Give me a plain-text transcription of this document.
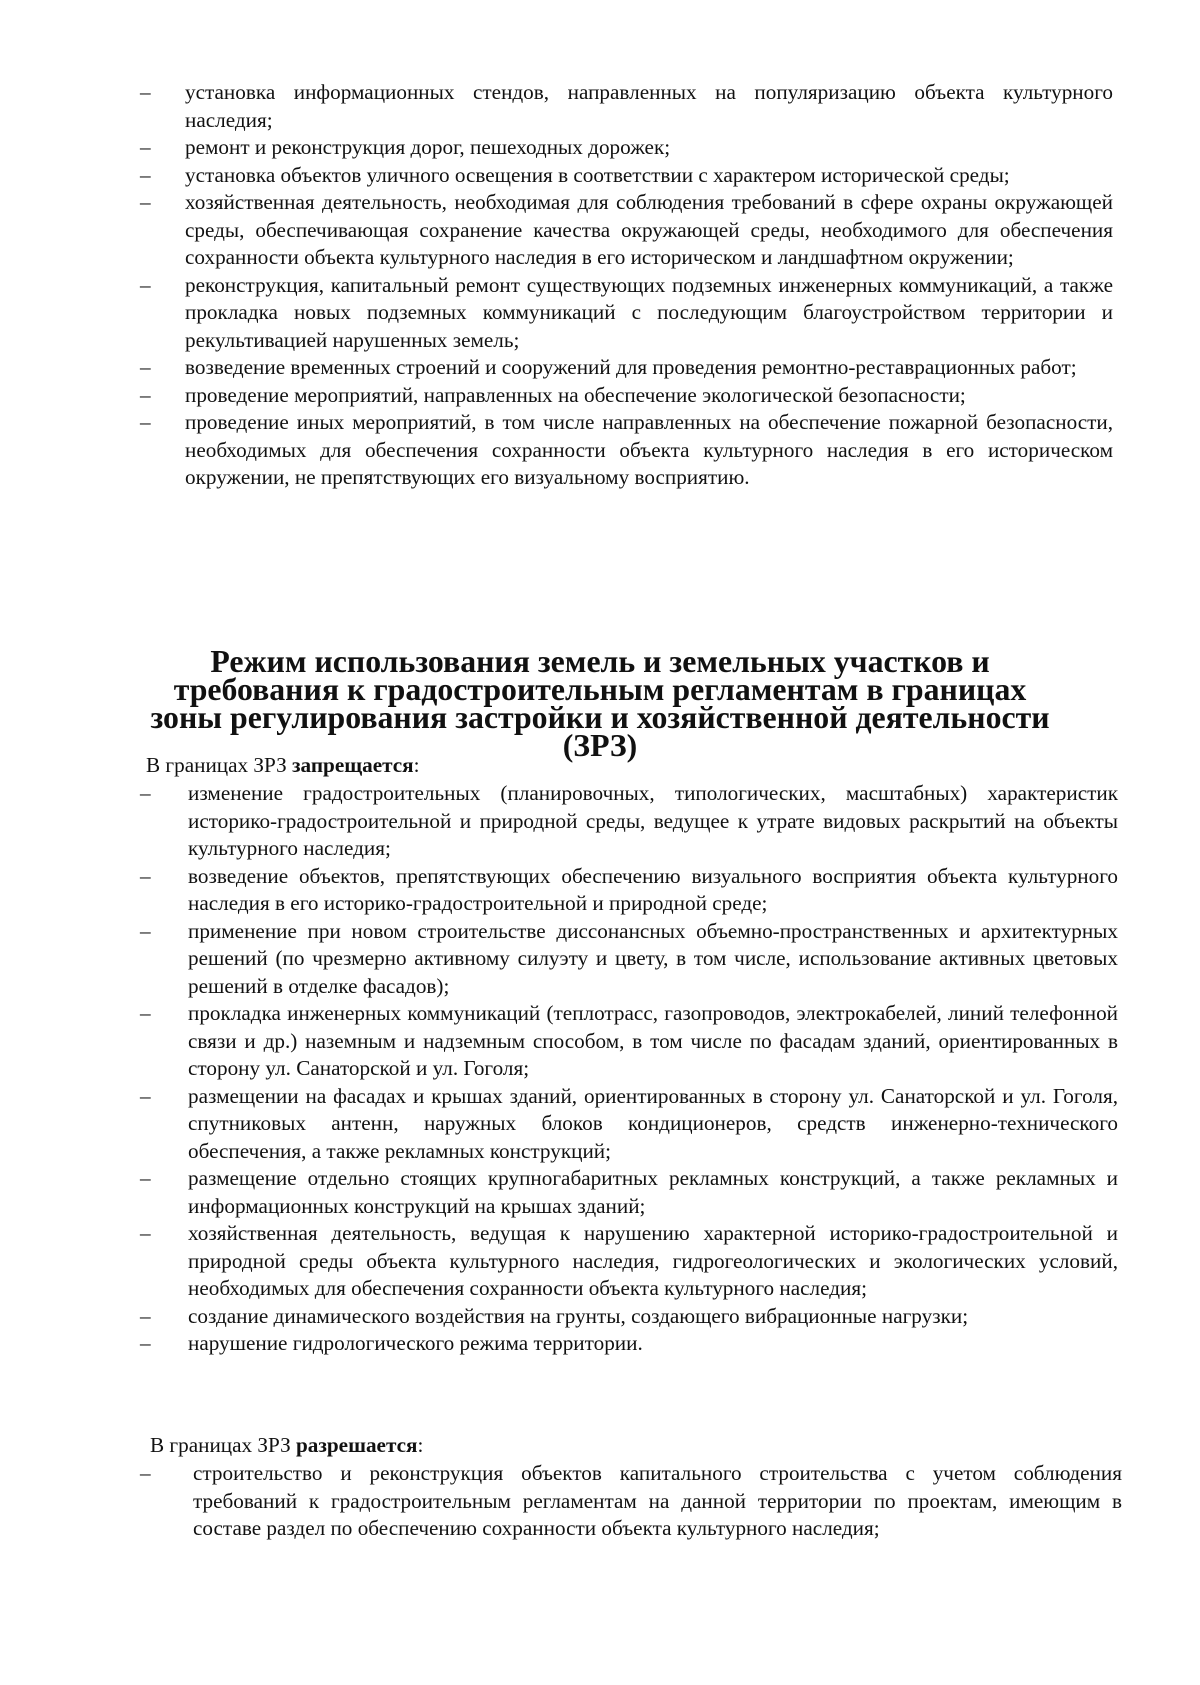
– установка информационных стендов, направленных на популяризацию объекта культурного наследия;
– ремонт и реконструкция дорог, пешеходных дорожек;
– установка объектов уличного освещения в соответствии с характером исторической среды;
– хозяйственная деятельность, необходимая для соблюдения требований в сфере охраны окружающей среды, обеспечивающая сохранение качества окружающей среды, необходимого для обеспечения сохранности объекта культурного наследия в его историческом и ландшафтном окружении;
– реконструкция, капитальный ремонт существующих подземных инженерных коммуникаций, а также прокладка новых подземных коммуникаций с последующим благоустройством территории и рекультивацией нарушенных земель;
– возведение временных строений и сооружений для проведения ремонтно-реставрационных работ;
– проведение мероприятий, направленных на обеспечение экологической безопасности;
– проведение иных мероприятий, в том числе направленных на обеспечение пожарной безопасности, необходимых для обеспечения сохранности объекта культурного наследия в его историческом окружении, не препятствующих его визуальному восприятию.
Режим использования земель и земельных участков и требования к градостроительным регламентам в границах зоны регулирования застройки и хозяйственной деятельности (ЗРЗ)

В границах ЗРЗ запрещается:

– изменение градостроительных (планировочных, типологических, масштабных) характеристик историко-градостроительной и природной среды, ведущее к утрате видовых раскрытий на объекты культурного наследия;
– возведение объектов, препятствующих обеспечению визуального восприятия объекта культурного наследия в его историко-градостроительной и природной среде;
– применение при новом строительстве диссонансных объемно-пространственных и архитектурных решений (по чрезмерно активному силуэту и цвету, в том числе, использование активных цветовых решений в отделке фасадов);
– прокладка инженерных коммуникаций (теплотрасс, газопроводов, электрокабелей, линий телефонной связи и др.) наземным и надземным способом, в том числе по фасадам зданий, ориентированных в сторону ул. Санаторской и ул. Гоголя;
– размещении на фасадах и крышах зданий, ориентированных в сторону ул. Санаторской и ул. Гоголя, спутниковых антенн, наружных блоков кондиционеров, средств инженерно-технического обеспечения, а также рекламных конструкций;
– размещение отдельно стоящих крупногабаритных рекламных конструкций, а также рекламных и информационных конструкций на крышах зданий;
– хозяйственная деятельность, ведущая к нарушению характерной историко-градостроительной и природной среды объекта культурного наследия, гидрогеологических и экологических условий, необходимых для обеспечения сохранности объекта культурного наследия;
– создание динамического воздействия на грунты, создающего вибрационные нагрузки;
– нарушение гидрологического режима территории.

В границах ЗРЗ разрешается:

– строительство и реконструкция объектов капитального строительства с учетом соблюдения требований к градостроительным регламентам на данной территории по проектам, имеющим в составе раздел по обеспечению сохранности объекта культурного наследия;
